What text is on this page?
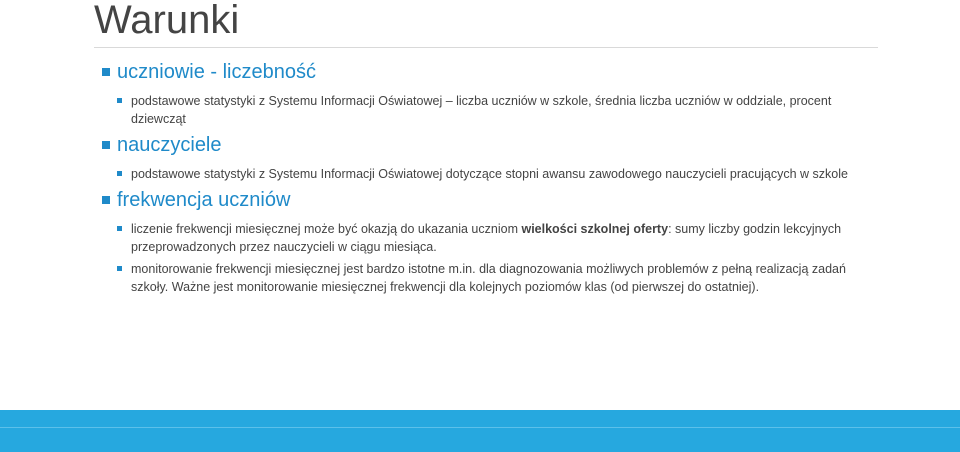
Warunki
uczniowie - liczebność
podstawowe statystyki z Systemu Informacji Oświatowej – liczba uczniów w szkole, średnia liczba uczniów w oddziale, procent dziewcząt
nauczyciele
podstawowe statystyki z Systemu Informacji Oświatowej dotyczące stopni awansu zawodowego nauczycieli pracujących w szkole
frekwencja uczniów
liczenie frekwencji miesięcznej może być okazją do ukazania uczniom wielkości szkolnej oferty: sumy liczby godzin lekcyjnych przeprowadzonych przez nauczycieli w ciągu miesiąca.
monitorowanie frekwencji miesięcznej jest bardzo istotne m.in. dla diagnozowania możliwych problemów z pełną realizacją zadań szkoły. Ważne jest monitorowanie miesięcznej frekwencji dla kolejnych poziomów klas (od pierwszej do ostatniej).
